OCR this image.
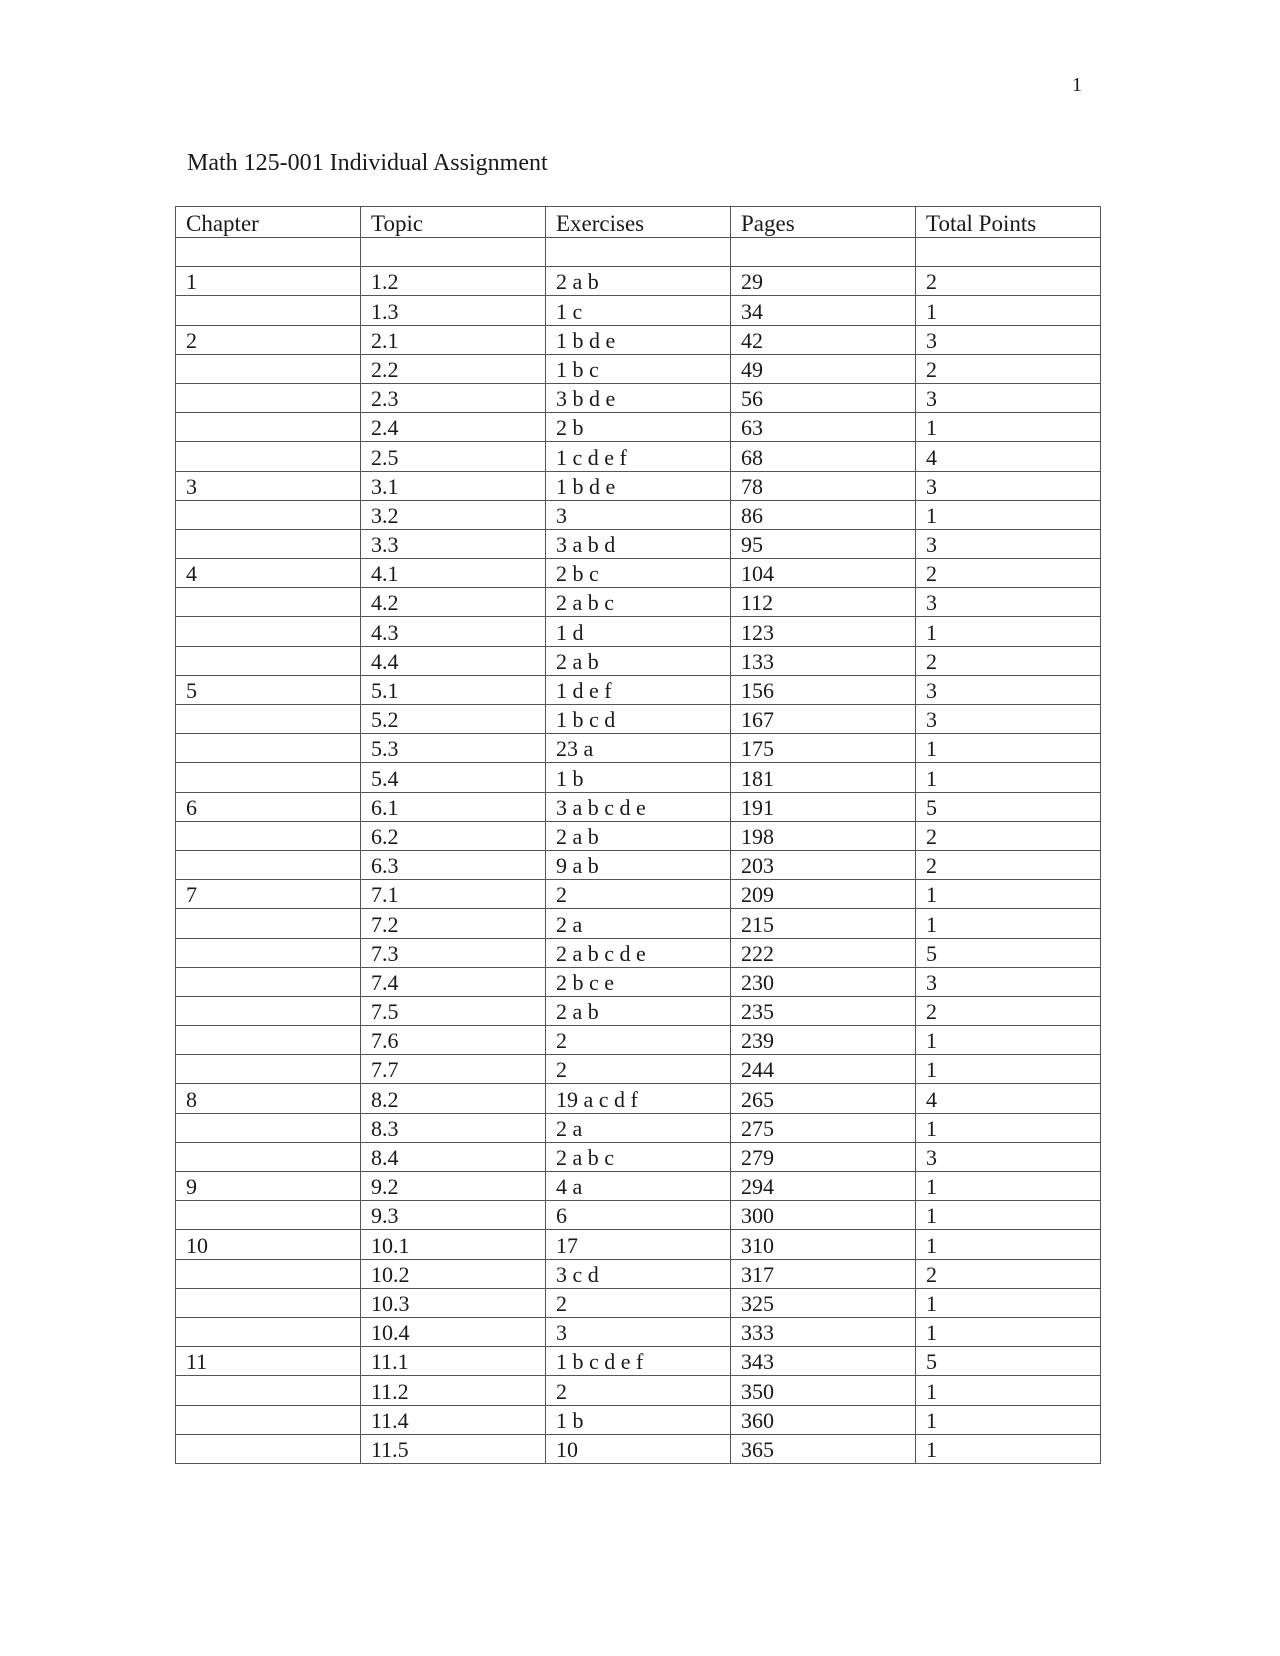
1
Math 125-001 Individual Assignment
Chapter	Topic	Exercises	Pages	Total Points

1	1.2	2 a b	29	2
	1.3	1 c	34	1
2	2.1	1 b d e	42	3
	2.2	1 b c	49	2
	2.3	3 b d e	56	3
	2.4	2 b	63	1
	2.5	1 c d e f	68	4
3	3.1	1 b d e	78	3
	3.2	3	86	1
	3.3	3 a b d	95	3
4	4.1	2 b c	104	2
	4.2	2 a b c	112	3
	4.3	1 d	123	1
	4.4	2 a b	133	2
5	5.1	1 d e f	156	3
	5.2	1 b c d	167	3
	5.3	23 a	175	1
	5.4	1 b	181	1
6	6.1	3 a b c d e	191	5
	6.2	2 a b	198	2
	6.3	9 a b	203	2
7	7.1	2	209	1
	7.2	2 a	215	1
	7.3	2 a b c d e	222	5
	7.4	2 b c e	230	3
	7.5	2 a b	235	2
	7.6	2	239	1
	7.7	2	244	1
8	8.2	19 a c d f	265	4
	8.3	2 a	275	1
	8.4	2 a b c	279	3
9	9.2	4 a	294	1
	9.3	6	300	1
10	10.1	17	310	1
	10.2	3 c d	317	2
	10.3	2	325	1
	10.4	3	333	1
11	11.1	1 b c d e f	343	5
	11.2	2	350	1
	11.4	1 b	360	1
	11.5	10	365	1
